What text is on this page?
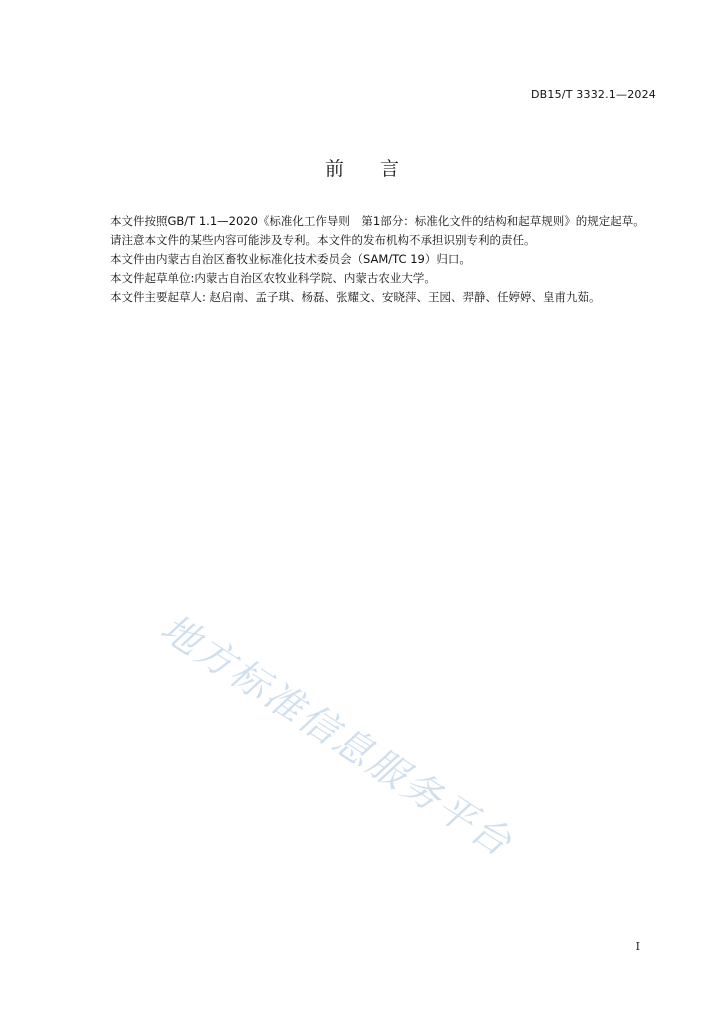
DB15/T 3332.1—2024
前言

本文件按照GB/T 1.1—2020《标准化工作导则　第1部分：标准化文件的结构和起草规则》的规定起草。

请注意本文件的某些内容可能涉及专利。本文件的发布机构不承担识别专利的责任。

本文件由内蒙古自治区畜牧业标准化技术委员会（SAM/TC 19）归口。

本文件起草单位:内蒙古自治区农牧业科学院、内蒙古农业大学。

本文件主要起草人: 赵启南、孟子琪、杨磊、张耀文、安晓萍、王园、羿静、任婷婷、皇甫九茹。

地方标准信息服务平台
I
